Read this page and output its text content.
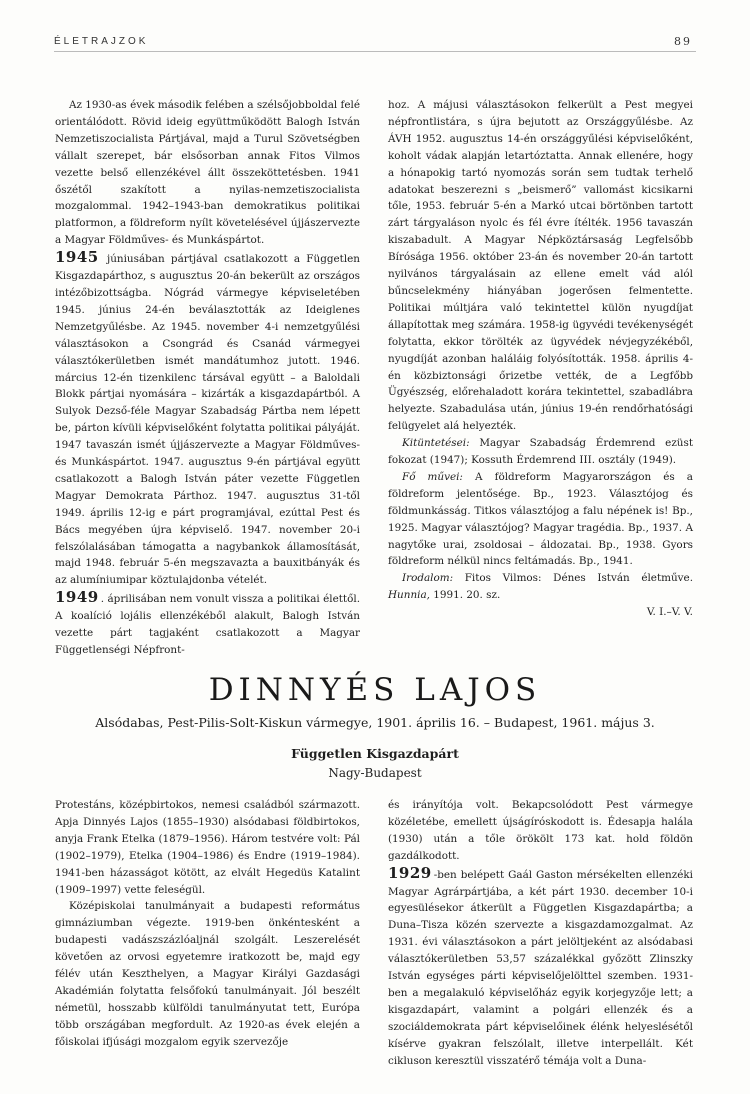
ÉLETRAJZOK	89

Az 1930-as évek második felében a szélsőjobboldal felé orientálódott. Rövid ideig együttműködött Balogh István Nemzetiszocialista Pártjával, majd a Turul Szövetségben vállalt szerepet, bár elsősorban annak Fitos Vilmos vezette belső ellenzékével állt összeköttetésben. 1941 őszétől szakított a nyilas-nemzetiszocialista mozgalommal. 1942–1943-ban demokratikus politikai platformon, a földreform nyílt követelésével újjászervezte a Magyar Földműves- és Munkáspártot.

1945 júniusában pártjával csatlakozott a Független Kisgazdapárthoz, s augusztus 20-án bekerült az országos intézőbizottságba. Nógrád vármegye képviseletében 1945. június 24-én beválasztották az Ideiglenes Nemzetgyűlésbe. Az 1945. november 4-i nemzetgyűlési választásokon a Csongrád és Csanád vármegyei választókerületben ismét mandátumhoz jutott. 1946. március 12-én tizenkilenc társával együtt – a Baloldali Blokk pártjai nyomására – kizárták a kisgazdapártból. A Sulyok Dezső-féle Magyar Szabadság Pártba nem lépett be, párton kívüli képviselőként folytatta politikai pályáját. 1947 tavaszán ismét újjászervezte a Magyar Földműves- és Munkáspártot. 1947. augusztus 9-én pártjával együtt csatlakozott a Balogh István páter vezette Független Magyar Demokrata Párthoz. 1947. augusztus 31-től 1949. április 12-ig e párt programjával, ezúttal Pest és Bács megyében újra képviselő. 1947. november 20-i felszólalásában támogatta a nagybankok államosítását, majd 1948. február 5-én megszavazta a bauxitbányák és az alumíniumipar köztulajdonba vételét.

1949 . áprilisában nem vonult vissza a politikai élettől. A koalíció lojális ellenzékéből alakult, Balogh István vezette párt tagjaként csatlakozott a Magyar Függetlenségi Népfront-

hoz. A májusi választásokon felkerült a Pest megyei népfrontlistára, s újra bejutott az Országgyűlésbe. Az ÁVH 1952. augusztus 14-én országgyűlési képviselőként, koholt vádak alapján letartóztatta. Annak ellenére, hogy a hónapokig tartó nyomozás során sem tudtak terhelő adatokat beszerezni s „beismerő” vallomást kicsikarni tőle, 1953. február 5-én a Markó utcai börtönben tartott zárt tárgyaláson nyolc és fél évre ítélték. 1956 tavaszán kiszabadult. A Magyar Népköztársaság Legfelsőbb Bírósága 1956. október 23-án és november 20-án tartott nyilvános tárgyalásain az ellene emelt vád alól bűncselekmény hiányában jogerősen felmentette. Politikai múltjára való tekintettel külön nyugdíjat állapítottak meg számára. 1958-ig ügyvédi tevékenységét folytatta, ekkor törölték az ügyvédek névjegyzékéből, nyugdíját azonban haláláig folyósították. 1958. április 4-én közbiztonsági őrizetbe vették, de a Legfőbb Ügyészség, előrehaladott korára tekintettel, szabadlábra helyezte. Szabadulása után, június 19-én rendőrhatósági felügyelet alá helyezték.

Kitüntetései: Magyar Szabadság Érdemrend ezüst fokozat (1947); Kossuth Érdemrend III. osztály (1949).

Fő művei: A földreform Magyarországon és a földreform jelentősége. Bp., 1923. Választójog és földmunkásság. Titkos választójog a falu népének is! Bp., 1925. Magyar választójog? Magyar tragédia. Bp., 1937. A nagytőke urai, zsoldosai – áldozatai. Bp., 1938. Gyors földreform nélkül nincs feltámadás. Bp., 1941.

Irodalom: Fitos Vilmos: Dénes István életműve. Hunnia, 1991. 20. sz.

V. I.–V. V.

DINNYÉS LAJOS
Alsódabas, Pest-Pilis-Solt-Kiskun vármegye, 1901. április 16. – Budapest, 1961. május 3.
Független Kisgazdapárt
Nagy-Budapest

Protestáns, középbirtokos, nemesi családból származott. Apja Dinnyés Lajos (1855–1930) alsódabasi földbirtokos, anyja Frank Etelka (1879–1956). Három testvére volt: Pál (1902–1979), Etelka (1904–1986) és Endre (1919–1984). 1941-ben házasságot kötött, az elvált Hegedüs Katalint (1909–1997) vette feleségül.

Középiskolai tanulmányait a budapesti református gimnáziumban végezte. 1919-ben önkéntesként a budapesti vadászszázlóaljnál szolgált. Leszerelését követően az orvosi egyetemre iratkozott be, majd egy félév után Keszthelyen, a Magyar Királyi Gazdasági Akadémián folytatta felsőfokú tanulmányait. Jól beszélt németül, hosszabb külföldi tanulmányutat tett, Európa több országában megfordult. Az 1920-as évek elején a főiskolai ifjúsági mozgalom egyik szervezője

és irányítója volt. Bekapcsolódott Pest vármegye közéletébe, emellett újságíróskodott is. Édesapja halála (1930) után a tőle örökölt 173 kat. hold földön gazdálkodott.

1929 -ben belépett Gaál Gaston mérsékelten ellenzéki Magyar Agrárpártjába, a két párt 1930. december 10-i egyesülésekor átkerült a Független Kisgazdapártba; a Duna–Tisza közén szervezte a kisgazdamozgalmat. Az 1931. évi választásokon a párt jelöltjeként az alsódabasi választókerületben 53,57 százalékkal győzött Zlinszky István egységes párti képviselőjelölttel szemben. 1931-ben a megalakuló képviselőház egyik korjegyzője lett; a kisgazdapárt, valamint a polgári ellenzék és a szociáldemokrata párt képviselőinek élénk helyeslésétől kísérve gyakran felszólalt, illetve interpellált. Két cikluson keresztül visszatérő témája volt a Duna-
